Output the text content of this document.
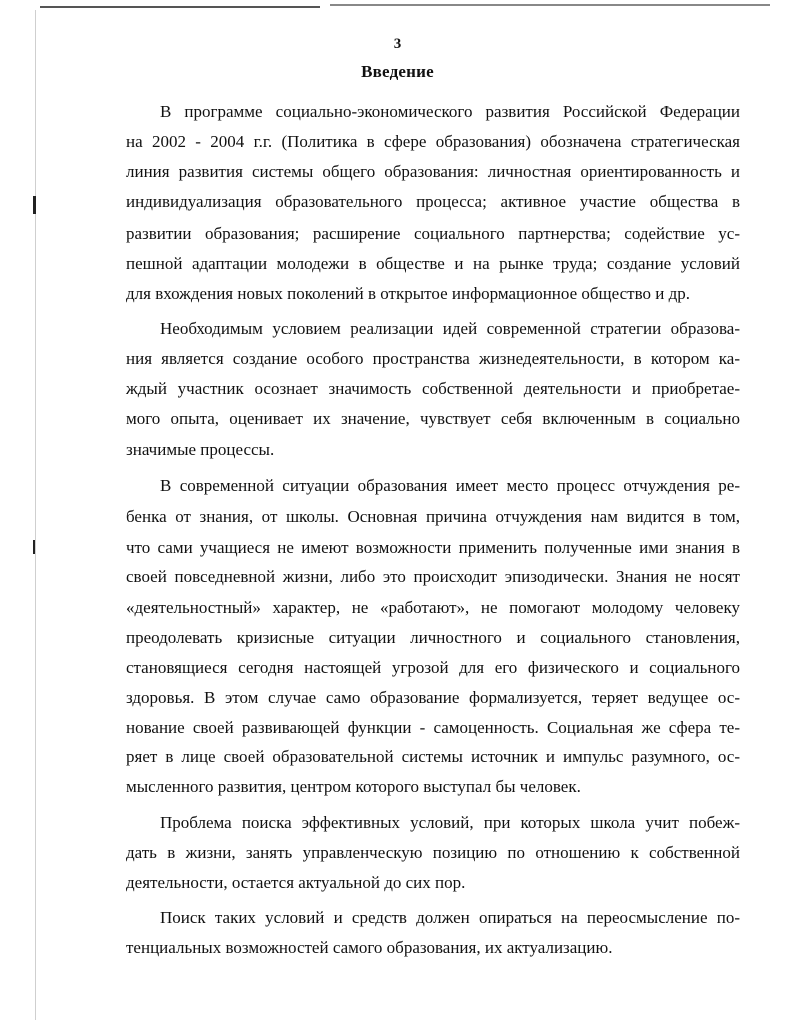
3
Введение
В программе социально-экономического развития Российской Федерации
на 2002 - 2004 г.г. (Политика в сфере образования) обозначена стратегическая
линия развития системы общего образования: личностная ориентированность и
индивидуализация образовательного процесса; активное участие общества в
развитии образования; расширение социального партнерства; содействие ус-
пешной адаптации молодежи в обществе и на рынке труда; создание условий
для вхождения новых поколений в открытое информационное общество и др.
Необходимым условием реализации идей современной стратегии образова-
ния является создание особого пространства жизнедеятельности, в котором ка-
ждый участник осознает значимость собственной деятельности и приобретае-
мого опыта, оценивает их значение, чувствует себя включенным в социально
значимые процессы.
В современной ситуации образования имеет место процесс отчуждения ре-
бенка от знания, от школы. Основная причина отчуждения нам видится в том,
что сами учащиеся не имеют возможности применить полученные ими знания в
своей повседневной жизни, либо это происходит эпизодически. Знания не носят
«деятельностный» характер, не «работают», не помогают молодому человеку
преодолевать кризисные ситуации личностного и социального становления,
становящиеся сегодня настоящей угрозой для его физического и социального
здоровья. В этом случае само образование формализуется, теряет ведущее ос-
нование своей развивающей функции - самоценность. Социальная же сфера те-
ряет в лице своей образовательной системы источник и импульс разумного, ос-
мысленного развития, центром которого выступал бы человек.
Проблема поиска эффективных условий, при которых школа учит побеж-
дать в жизни, занять управленческую позицию по отношению к собственной
деятельности, остается актуальной до сих пор.
Поиск таких условий и средств должен опираться на переосмысление по-
тенциальных возможностей самого образования, их актуализацию.
